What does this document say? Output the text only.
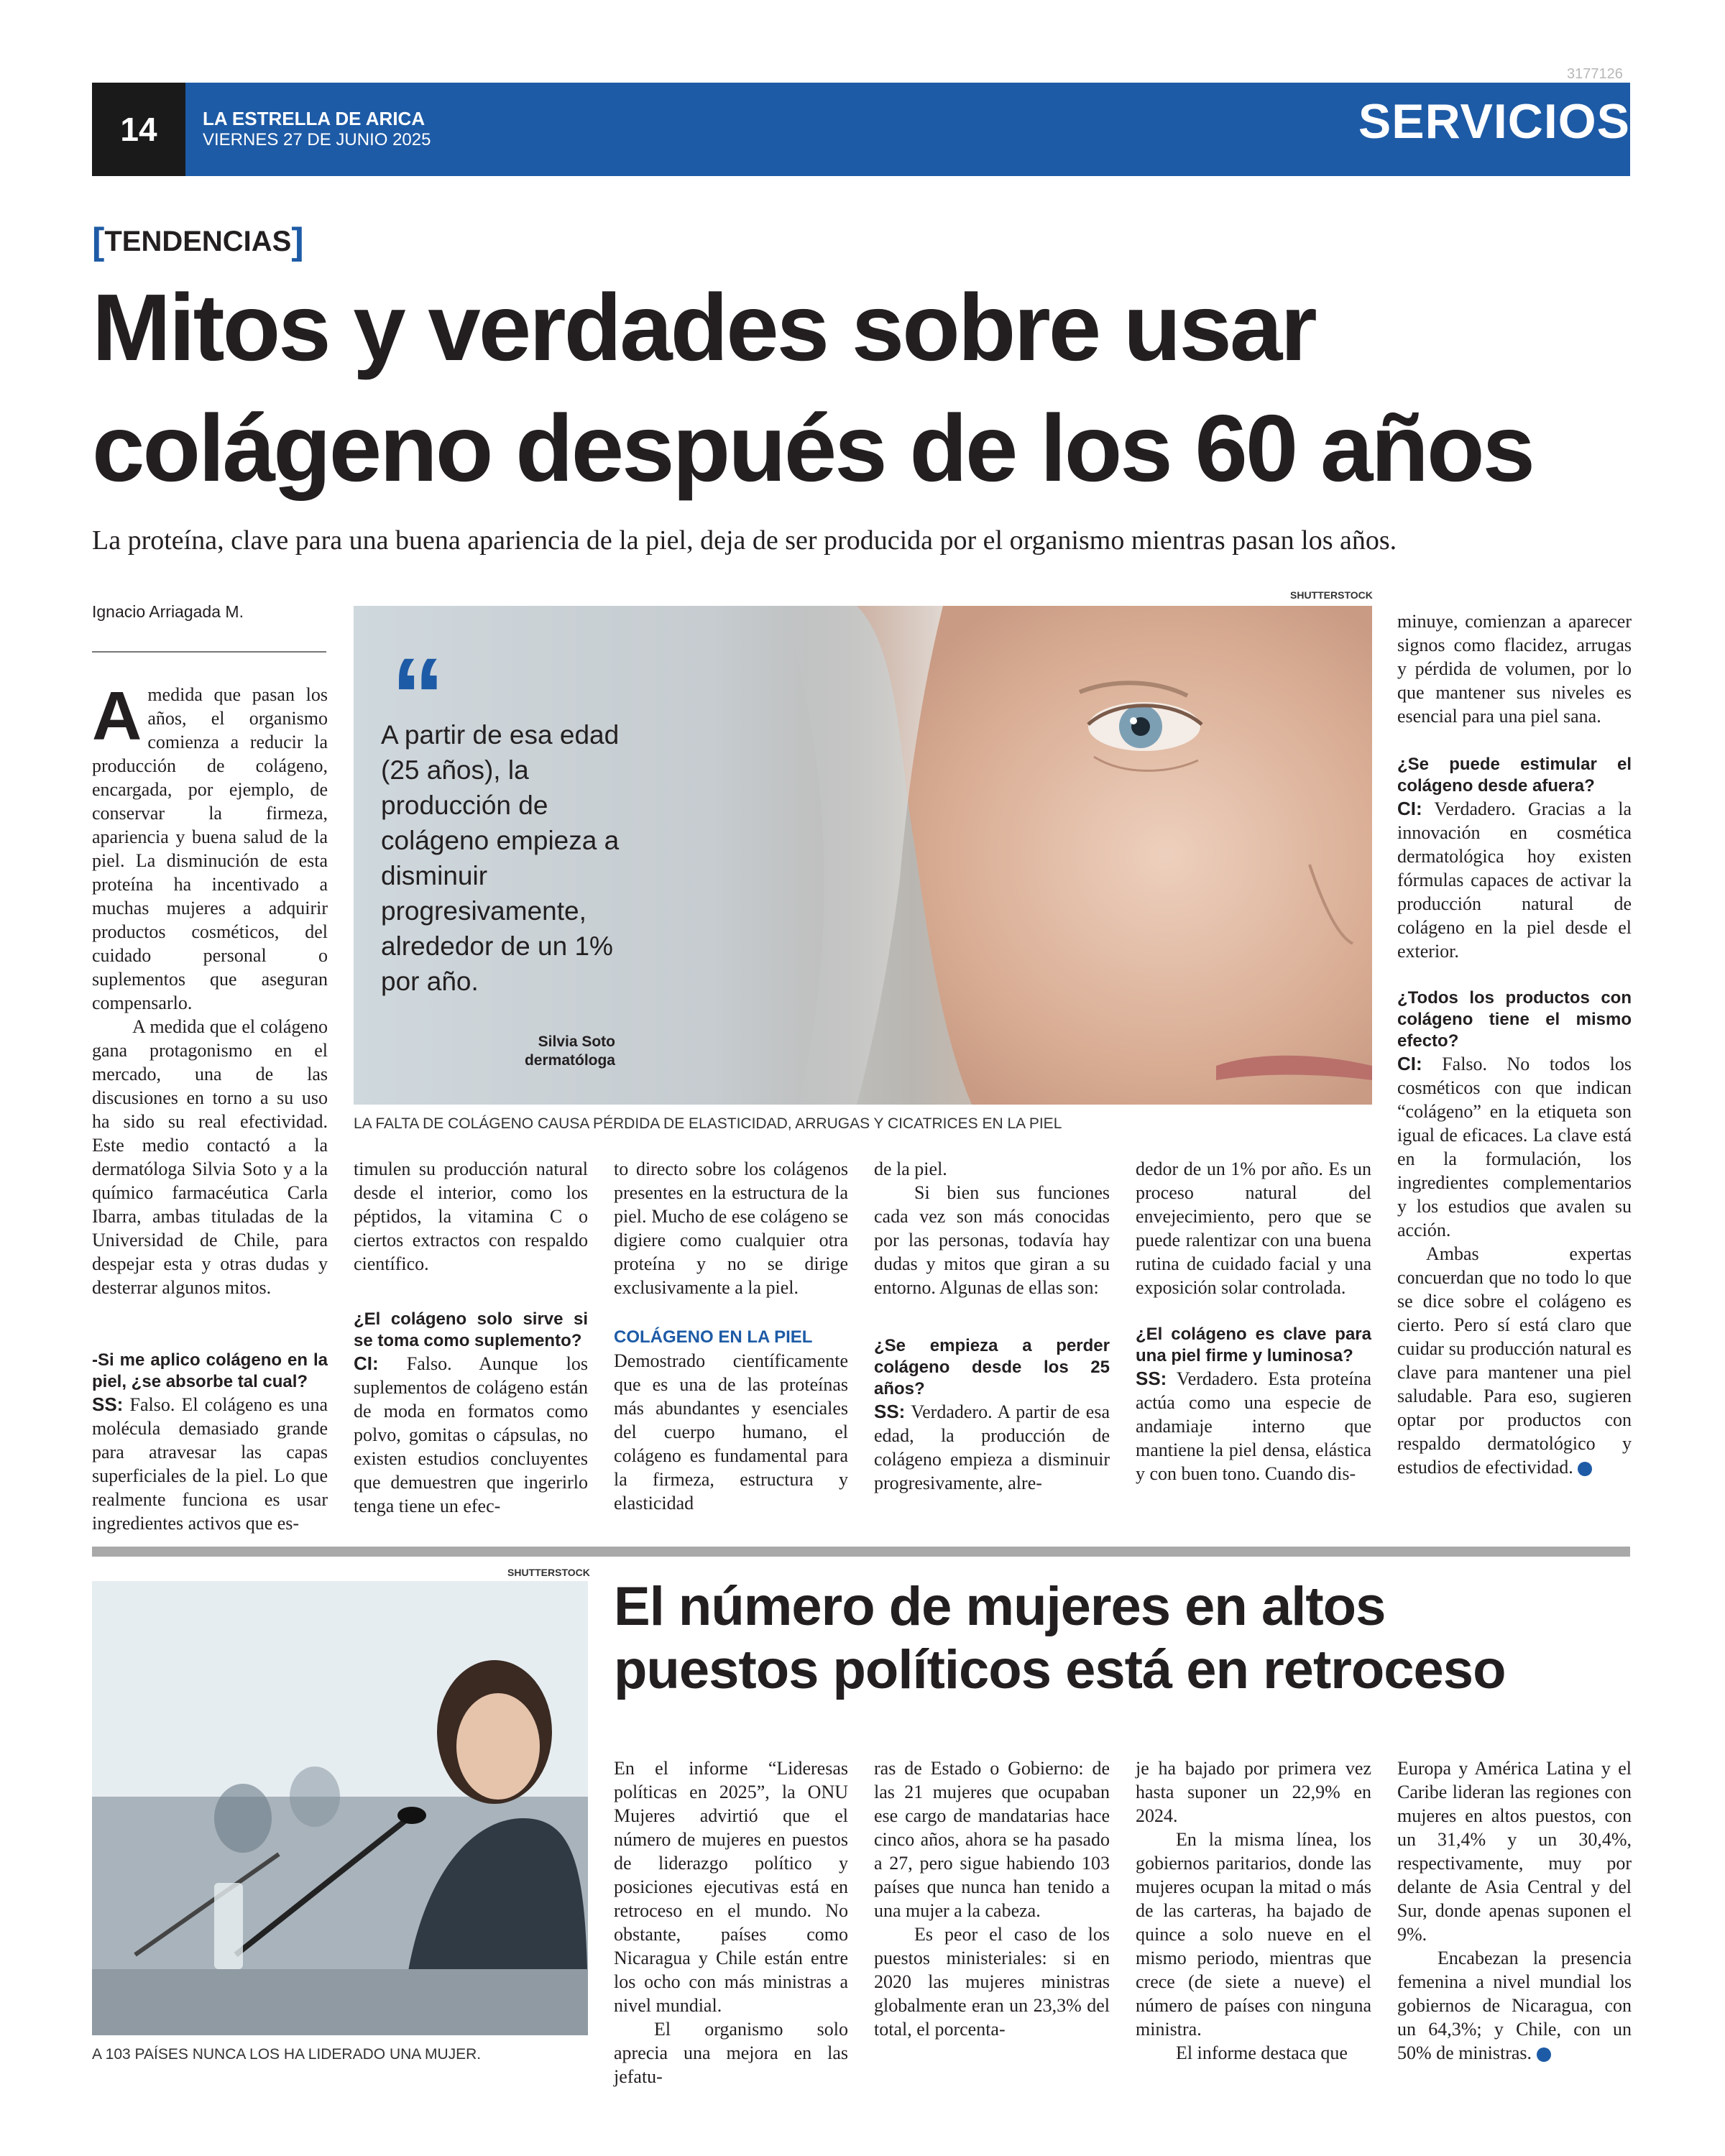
3177126
14	LA ESTRELLA DE ARICA
VIERNES 27 DE JUNIO 2025	SERVICIOS
[TENDENCIAS]
Mitos y verdades sobre usar
colágeno después de los 60 años
La proteína, clave para una buena apariencia de la piel, deja de ser producida por el organismo mientras pasan los años.
Ignacio Arriagada M.

Amedida que pasan los años, el organismo comienza a reducir la producción de colágeno, encargada, por ejemplo, de conservar la firmeza, apariencia y buena salud de la piel. La disminución de esta proteína ha incentivado a muchas mujeres a adquirir productos cosméticos, del cuidado personal o suplementos que aseguran compensarlo.

A medida que el colágeno gana protagonismo en el mercado, una de las discusiones en torno a su uso ha sido su real efectividad. Este medio contactó a la dermatóloga Silvia Soto y a la químico farmacéutica Carla Ibarra, ambas tituladas de la Universidad de Chile, para despejar esta y otras dudas y desterrar algunos mitos.

-Si me aplico colágeno en la piel, ¿se absorbe tal cual?

SS: Falso. El colágeno es una molécula demasiado grande para atravesar las capas superficiales de la piel. Lo que realmente funciona es usar ingredientes activos que es-

SHUTTERSTOCK
“
A partir de esa edad (25 años), la producción de colágeno empieza a disminuir progresivamente, alrededor de un 1% por año.
Silvia Soto
dermatóloga
LA FALTA DE COLÁGENO CAUSA PÉRDIDA DE ELASTICIDAD, ARRUGAS Y CICATRICES EN LA PIEL

timulen su producción natural desde el interior, como los péptidos, la vitamina C o ciertos extractos con respaldo científico.

¿El colágeno solo sirve si se toma como suplemento?

CI: Falso. Aunque los suplementos de colágeno están de moda en formatos como polvo, gomitas o cápsulas, no existen estudios concluyentes que demuestren que ingerirlo tenga tiene un efec-

to directo sobre los colágenos presentes en la estructura de la piel. Mucho de ese colágeno se digiere como cualquier otra proteína y no se dirige exclusivamente a la piel.

COLÁGENO EN LA PIEL

Demostrado científicamente que es una de las proteínas más abundantes y esenciales del cuerpo humano, el colágeno es fundamental para la firmeza, estructura y elasticidad

de la piel.

Si bien sus funciones cada vez son más conocidas por las personas, todavía hay dudas y mitos que giran a su entorno. Algunas de ellas son:

¿Se empieza a perder colágeno desde los 25 años?

SS: Verdadero. A partir de esa edad, la producción de colágeno empieza a disminuir progresivamente, alre-

dedor de un 1% por año. Es un proceso natural del envejecimiento, pero que se puede ralentizar con una buena rutina de cuidado facial y una exposición solar controlada.

¿El colágeno es clave para una piel firme y luminosa?

SS: Verdadero. Esta proteína actúa como una especie de andamiaje interno que mantiene la piel densa, elástica y con buen tono. Cuando dis-

minuye, comienzan a aparecer signos como flacidez, arrugas y pérdida de volumen, por lo que mantener sus niveles es esencial para una piel sana.

¿Se puede estimular el colágeno desde afuera?

CI: Verdadero. Gracias a la innovación en cosmética dermatológica hoy existen fórmulas capaces de activar la producción natural de colágeno en la piel desde el exterior.

¿Todos los productos con colágeno tiene el mismo efecto?

CI: Falso. No todos los cosméticos con que indican “colágeno” en la etiqueta son igual de eficaces. La clave está en la formulación, los ingredientes complementarios y los estudios que avalen su acción.

Ambas expertas concuerdan que no todo lo que se dice sobre el colágeno es cierto. Pero sí está claro que cuidar su producción natural es clave para mantener una piel saludable. Para eso, sugieren optar por productos con respaldo dermatológico y estudios de efectividad.	✦

SHUTTERSTOCK
A 103 PAÍSES NUNCA LOS HA LIDERADO UNA MUJER.
El número de mujeres en altos
puestos políticos está en retroceso

En el informe “Lideresas políticas en 2025”, la ONU Mujeres advirtió que el número de mujeres en puestos de liderazgo político y posiciones ejecutivas está en retroceso en el mundo. No obstante, países como Nicaragua y Chile están entre los ocho con más ministras a nivel mundial.

El organismo solo aprecia una mejora en las jefatu-

ras de Estado o Gobierno: de las 21 mujeres que ocupaban ese cargo de mandatarias hace cinco años, ahora se ha pasado a 27, pero sigue habiendo 103 países que nunca han tenido a una mujer a la cabeza.

Es peor el caso de los puestos ministeriales: si en 2020 las mujeres ministras globalmente eran un 23,3% del total, el porcenta-

je ha bajado por primera vez hasta suponer un 22,9% en 2024.

En la misma línea, los gobiernos paritarios, donde las mujeres ocupan la mitad o más de las carteras, ha bajado de quince a solo nueve en el mismo periodo, mientras que crece (de siete a nueve) el número de países con ninguna ministra.

El informe destaca que

Europa y América Latina y el Caribe lideran las regiones con mujeres en altos puestos, con un 31,4% y un 30,4%, respectivamente, muy por delante de Asia Central y del Sur, donde apenas suponen el 9%.

Encabezan la presencia femenina a nivel mundial los gobiernos de Nicaragua, con un 64,3%; y Chile, con un 50% de ministras.	✦
